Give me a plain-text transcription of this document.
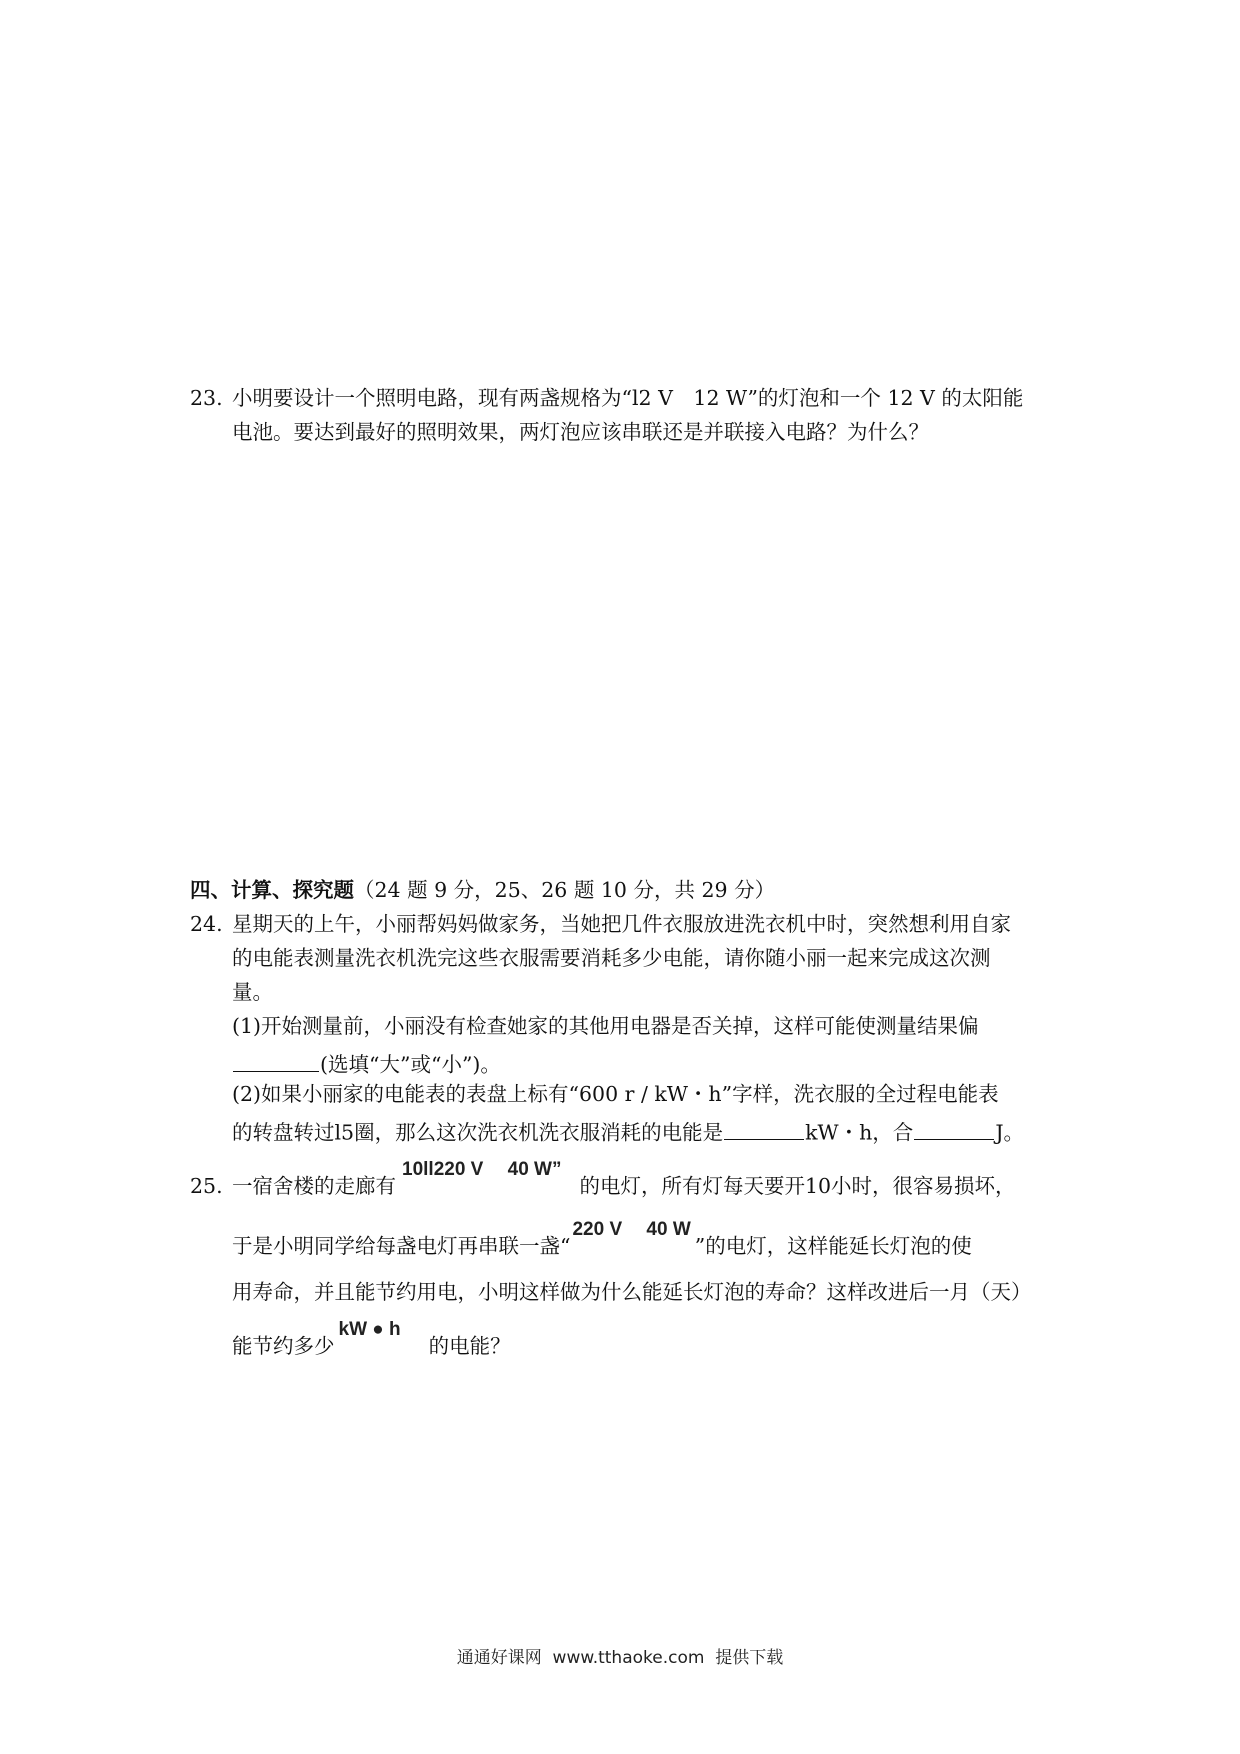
23. 小明要设计一个照明电路，现有两盏规格为“l2 V　12 W”的灯泡和一个 12 V 的太阳能
电池。要达到最好的照明效果，两灯泡应该串联还是并联接入电路？为什么？
四、计算、探究题（24 题 9 分，25、26 题 10 分，共 29 分）
24. 星期天的上午，小丽帮妈妈做家务，当她把几件衣服放进洗衣机中时，突然想利用自家
的电能表测量洗衣机洗完这些衣服需要消耗多少电能，请你随小丽一起来完成这次测
量。
(1)开始测量前，小丽没有检查她家的其他用电器是否关掉，这样可能使测量结果偏
(选填“大”或“小”)。
(2)如果小丽家的电能表的表盘上标有“600 r / kW・h”字样，洗衣服的全过程电能表
的转盘转过l5圈，那么这次洗衣机洗衣服消耗的电能是	kW・h，合	J。
25. 一宿舍楼的走廊有10ll220 V　 40 W”的电灯，所有灯每天要开10小时，很容易损坏，
于是小明同学给每盏电灯再串联一盏“220 V　 40 W”的电灯，这样能延长灯泡的使
用寿命，并且能节约用电，小明这样做为什么能延长灯泡的寿命？这样改进后一月（天）
能节约多少kW ● h的电能？
通通好课网  www.tthaoke.com  提供下载
